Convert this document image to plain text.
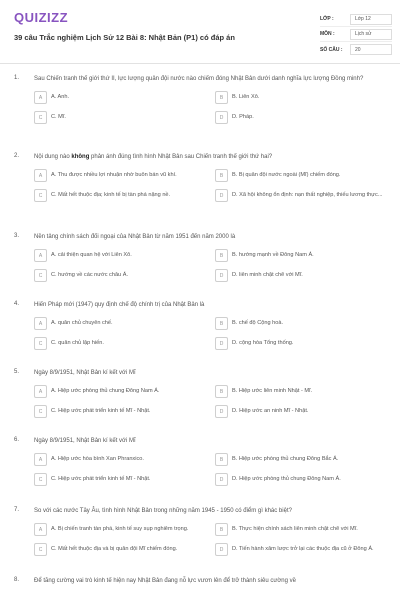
QUIZIZZ
39 câu Trắc nghiệm Lịch Sử 12 Bài 8: Nhật Bản (P1) có đáp án
LỚP :	Lớp 12
MÔN :	Lịch sử
SỐ CÂU :	20
1. Sau Chiến tranh thế giới thứ II, lực lượng quân đội nước nào chiếm đóng Nhật Bản dưới danh nghĩa lực lượng Đồng minh?
A	A. Anh.	B	B. Liên Xô.
C	C. Mĩ.	D	D. Pháp.
2. Nội dung nào không phản ánh đúng tình hình Nhật Bản sau Chiến tranh thế giới thứ hai?
A	A. Thu được nhiều lợi nhuận nhờ buôn bán vũ khí.	B	B. Bị quân đội nước ngoài (Mĩ) chiếm đóng.
C	C. Mất hết thuộc địa; kinh tế bị tàn phá nặng nề.	D	D. Xã hội không ổn định: nạn thất nghiệp, thiếu lương thực...
3. Nền tảng chính sách đối ngoại của Nhật Bản từ năm 1951 đến năm 2000 là
A	A. cải thiện quan hệ với Liên Xô.	B	B. hướng mạnh về Đông Nam Á.
C	C. hướng về các nước châu Á.	D	D. liên minh chặt chẽ với Mĩ.
4. Hiến Pháp mới (1947) quy định chế độ chính trị của Nhật Bản là
A	A. quân chủ chuyên chế.	B	B. chế độ Cộng hoà.
C	C. quân chủ lập hiến.	D	D. cộng hòa Tổng thống.
5. Ngày 8/9/1951, Nhật Bản kí kết với Mĩ
A	A. Hiệp ước phòng thủ chung Đông Nam Á.	B	B. Hiệp ước liên minh Nhật - Mĩ.
C	C. Hiệp ước phát triển kinh tế Mĩ - Nhật.	D	D. Hiệp ước an ninh Mĩ - Nhật.
6. Ngày 8/9/1951, Nhật Bản kí kết với Mĩ
A	A. Hiệp ước hòa bình Xan Phranxico.	B	B. Hiệp ước phòng thủ chung Đông Bắc Á.
C	C. Hiệp ước phát triển kinh tế Mĩ - Nhật.	D	D. Hiệp ước phòng thủ chung Đông Nam Á.
7. So với các nước Tây Âu, tình hình Nhật Bản trong những năm 1945 - 1950 có điểm gì khác biệt?
A	A. Bị chiến tranh tàn phá, kinh tế suy sụp nghiêm trọng.	B	B. Thực hiện chính sách liên minh chặt chẽ với Mĩ.
C	C. Mất hết thuộc địa và bị quân đội Mĩ chiếm đóng.	D	D. Tiến hành xâm lược trở lại các thuộc địa cũ ở Đông Á.
8. Để tăng cường vai trò kinh tế hiện nay Nhật Bản đang nỗ lực vươn lên để trở thành siêu cường về
